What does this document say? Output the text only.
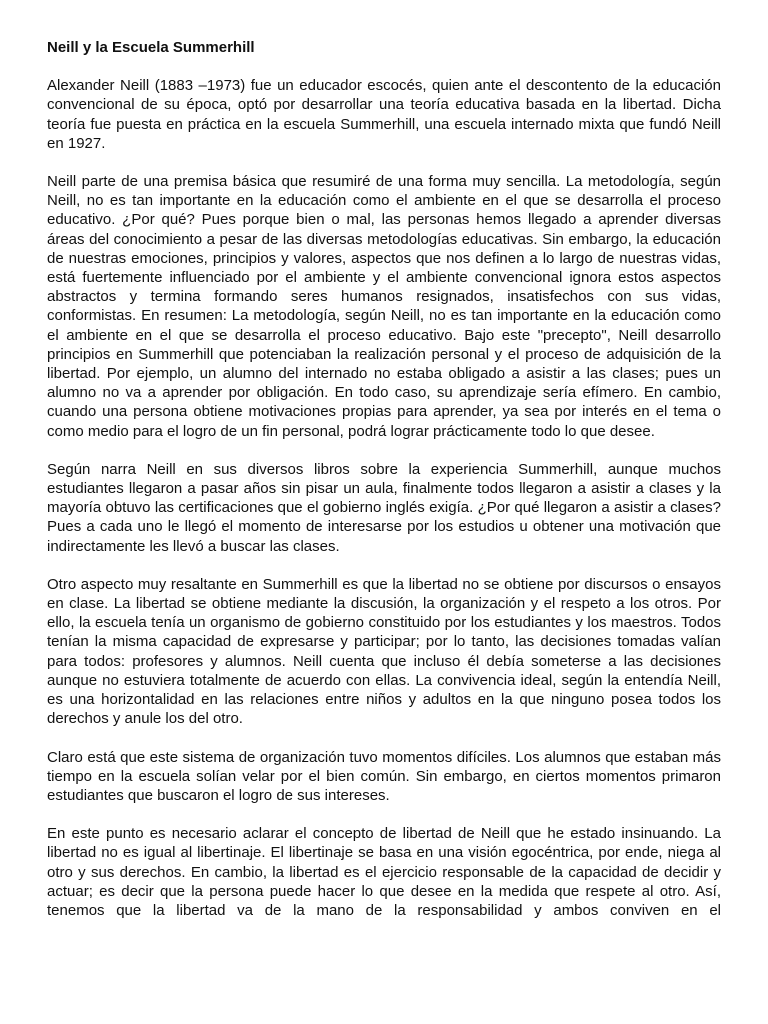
Neill y la Escuela Summerhill

Alexander Neill (1883 –1973) fue un educador escocés, quien ante el descontento de la educación convencional de su época, optó por desarrollar una teoría educativa basada en la libertad. Dicha teoría fue puesta en práctica en la escuela Summerhill, una escuela internado mixta que fundó Neill en 1927.

Neill parte de una premisa básica que resumiré de una forma muy sencilla. La metodología, según Neill, no es tan importante en la educación como el ambiente en el que se desarrolla el proceso educativo. ¿Por qué? Pues porque bien o mal, las personas hemos llegado a aprender diversas áreas del conocimiento a pesar de las diversas metodologías educativas. Sin embargo, la educación de nuestras emociones, principios y valores, aspectos que nos definen a lo largo de nuestras vidas, está fuertemente influenciado por el ambiente y el ambiente convencional ignora estos aspectos abstractos y termina formando seres humanos resignados, insatisfechos con sus vidas, conformistas. En resumen: La metodología, según Neill, no es tan importante en la educación como el ambiente en el que se desarrolla el proceso educativo. Bajo este "precepto", Neill desarrollo principios en Summerhill que potenciaban la realización personal y el proceso de adquisición de la libertad. Por ejemplo, un alumno del internado no estaba obligado a asistir a las clases; pues un alumno no va a aprender por obligación. En todo caso, su aprendizaje sería efímero. En cambio, cuando una persona obtiene motivaciones propias para aprender, ya sea por interés en el tema o como medio para el logro de un fin personal, podrá lograr prácticamente todo lo que desee.

Según narra Neill en sus diversos libros sobre la experiencia Summerhill, aunque muchos estudiantes llegaron a pasar años sin pisar un aula, finalmente todos llegaron a asistir a clases y la mayoría obtuvo las certificaciones que el gobierno inglés exigía. ¿Por qué llegaron a asistir a clases? Pues a cada uno le llegó el momento de interesarse por los estudios u obtener una motivación que indirectamente les llevó a buscar las clases.

Otro aspecto muy resaltante en Summerhill es que la libertad no se obtiene por discursos o ensayos en clase. La libertad se obtiene mediante la discusión, la organización y el respeto a los otros. Por ello, la escuela tenía un organismo de gobierno constituido por los estudiantes y los maestros. Todos tenían la misma capacidad de expresarse y participar; por lo tanto, las decisiones tomadas valían para todos: profesores y alumnos. Neill cuenta que incluso él debía someterse a las decisiones aunque no estuviera totalmente de acuerdo con ellas. La convivencia ideal, según la entendía Neill, es una horizontalidad en las relaciones entre niños y adultos en la que ninguno posea todos los derechos y anule los del otro.

Claro está que este sistema de organización tuvo momentos difíciles. Los alumnos que estaban más tiempo en la escuela solían velar por el bien común. Sin embargo, en ciertos momentos primaron estudiantes que buscaron el logro de sus intereses.

En este punto es necesario aclarar el concepto de libertad de Neill que he estado insinuando. La libertad no es igual al libertinaje. El libertinaje se basa en una visión egocéntrica, por ende, niega al otro y sus derechos. En cambio, la libertad es el ejercicio responsable de la capacidad de decidir y actuar; es decir que la persona puede hacer lo que desee en la medida que respete al otro. Así, tenemos que la libertad va de la mano de la responsabilidad y ambos conviven en el
